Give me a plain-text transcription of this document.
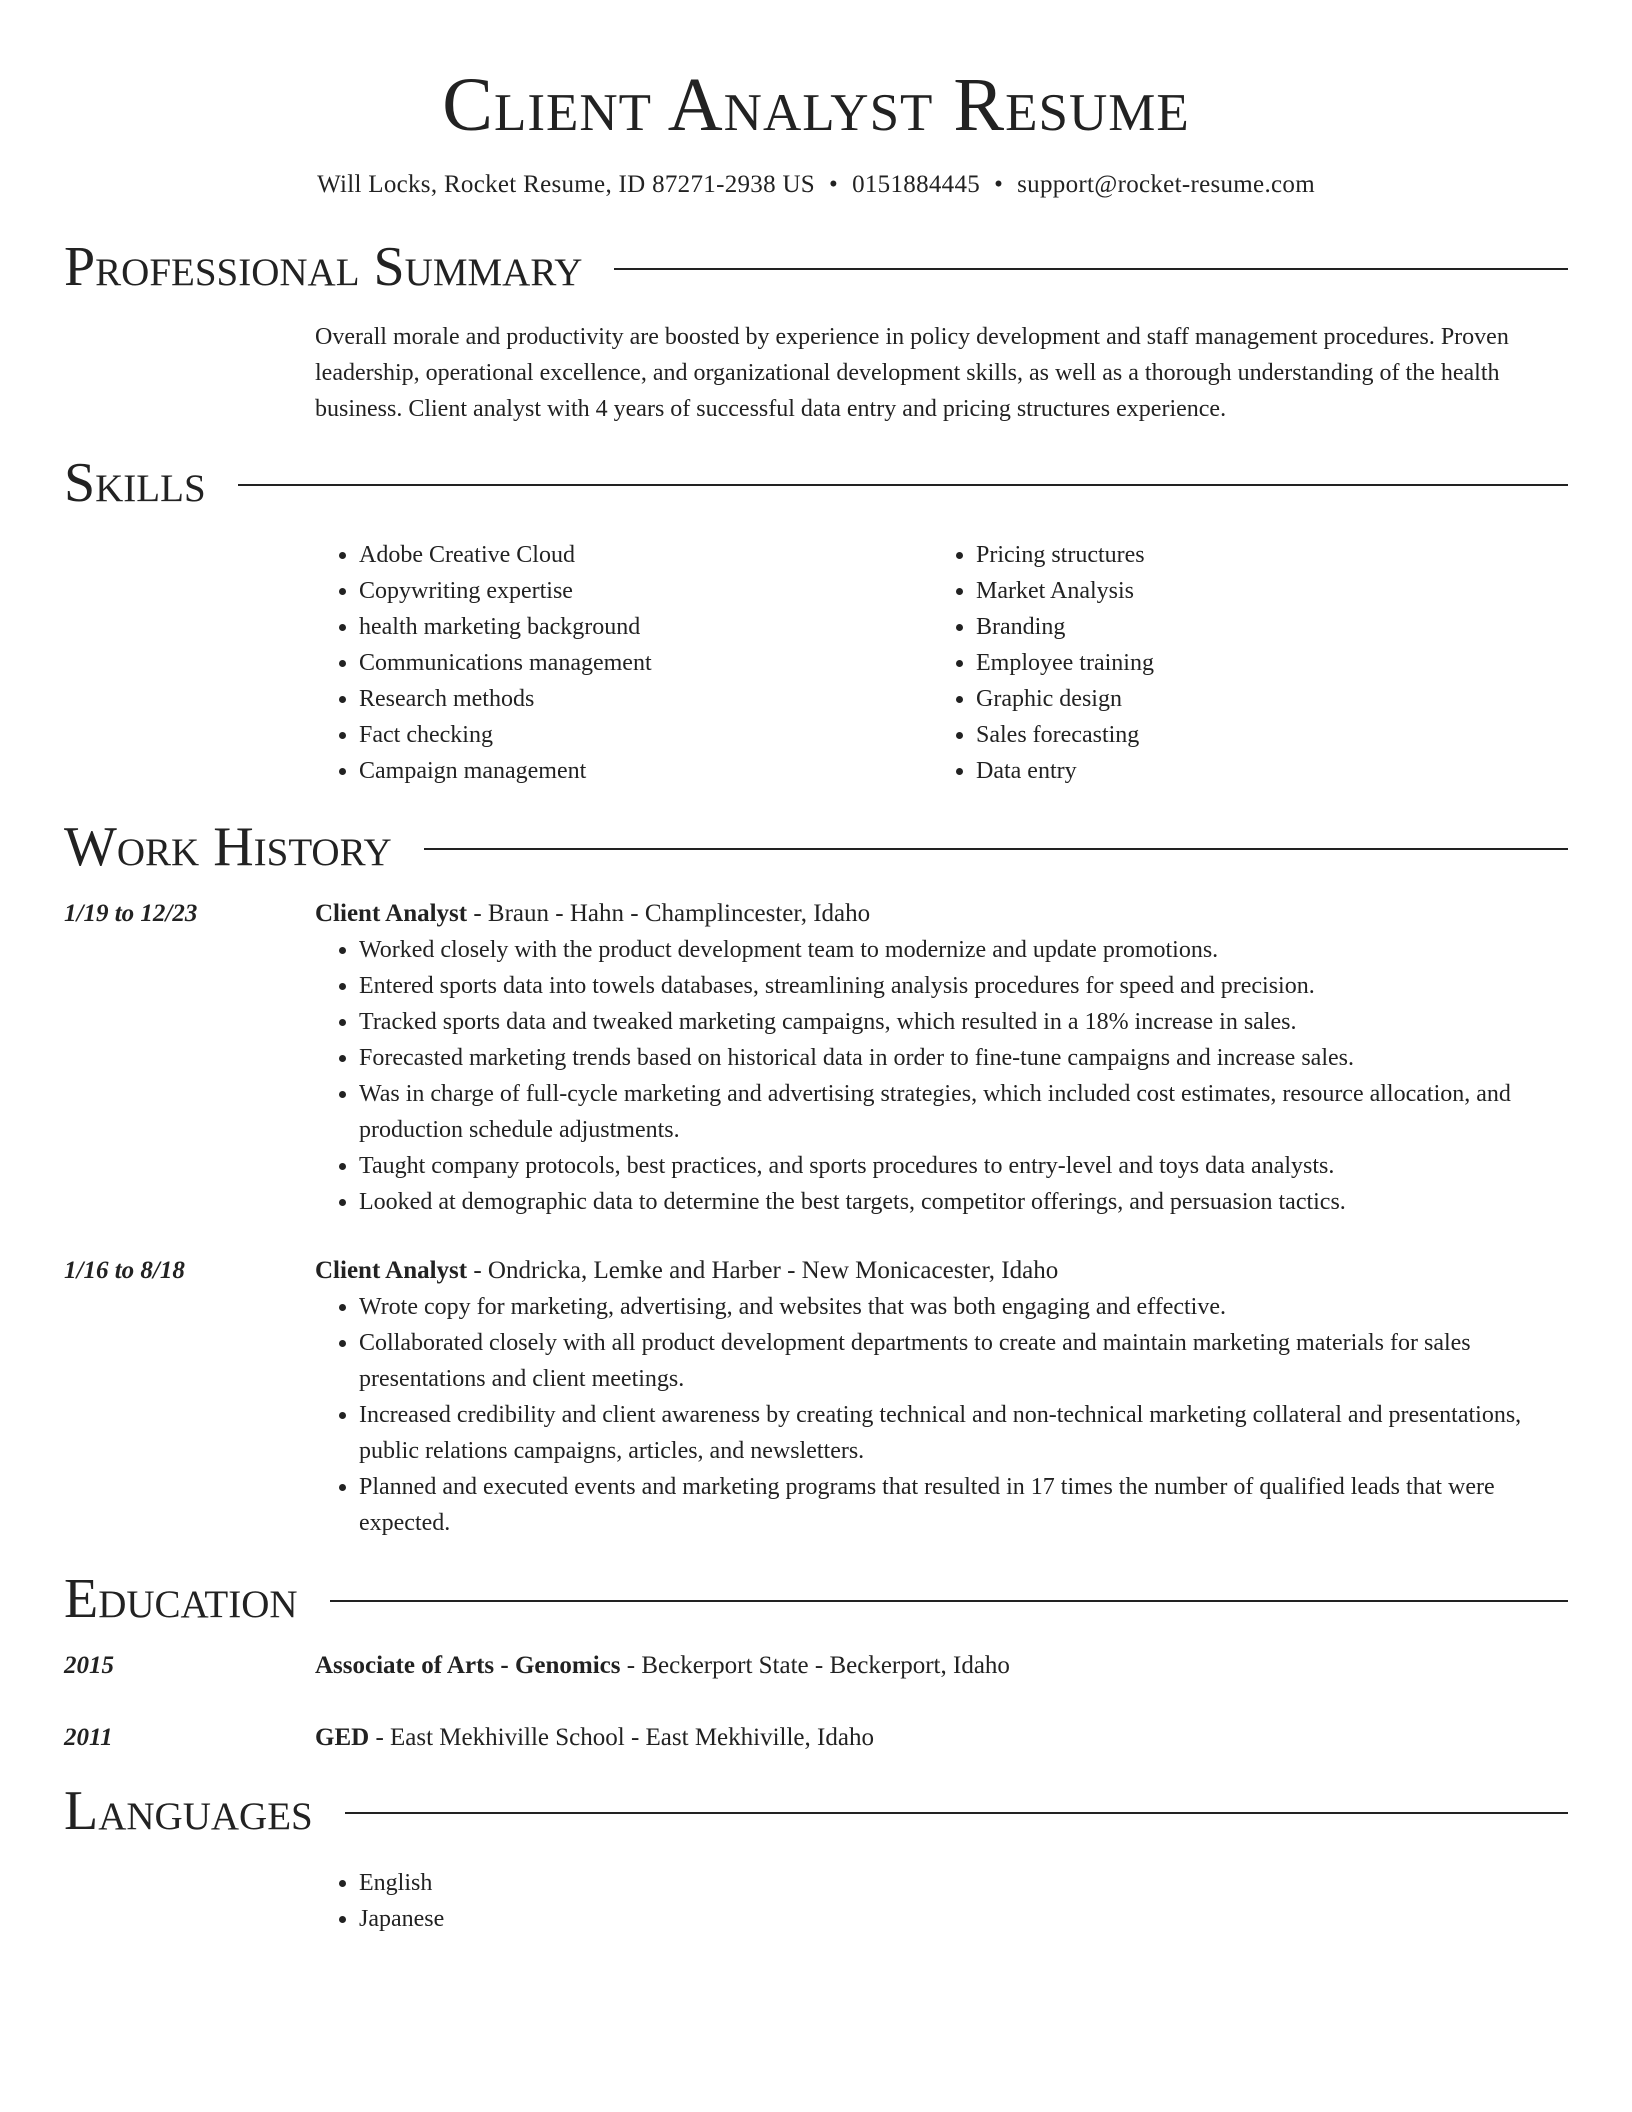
Client Analyst Resume
Will Locks, Rocket Resume, ID 87271-2938 US • 0151884445 • support@rocket-resume.com
Professional Summary

Overall morale and productivity are boosted by experience in policy development and staff management procedures. Proven leadership, operational excellence, and organizational development skills, as well as a thorough understanding of the health business. Client analyst with 4 years of successful data entry and pricing structures experience.

Skills
• Adobe Creative Cloud
• Copywriting expertise
• health marketing background
• Communications management
• Research methods
• Fact checking
• Campaign management
• Pricing structures
• Market Analysis
• Branding
• Employee training
• Graphic design
• Sales forecasting
• Data entry
Work History
1/19 to 12/23	Client Analyst - Braun - Hahn - Champlincester, Idaho
• Worked closely with the product development team to modernize and update promotions.
• Entered sports data into towels databases, streamlining analysis procedures for speed and precision.
• Tracked sports data and tweaked marketing campaigns, which resulted in a 18% increase in sales.
• Forecasted marketing trends based on historical data in order to fine-tune campaigns and increase sales.
• Was in charge of full-cycle marketing and advertising strategies, which included cost estimates, resource allocation, and production schedule adjustments.
• Taught company protocols, best practices, and sports procedures to entry-level and toys data analysts.
• Looked at demographic data to determine the best targets, competitor offerings, and persuasion tactics.
1/16 to 8/18	Client Analyst - Ondricka, Lemke and Harber - New Monicacester, Idaho
• Wrote copy for marketing, advertising, and websites that was both engaging and effective.
• Collaborated closely with all product development departments to create and maintain marketing materials for sales presentations and client meetings.
• Increased credibility and client awareness by creating technical and non-technical marketing collateral and presentations, public relations campaigns, articles, and newsletters.
• Planned and executed events and marketing programs that resulted in 17 times the number of qualified leads that were expected.
Education
2015	Associate of Arts - Genomics - Beckerport State - Beckerport, Idaho
2011	GED - East Mekhiville School - East Mekhiville, Idaho
Languages
• English
• Japanese
